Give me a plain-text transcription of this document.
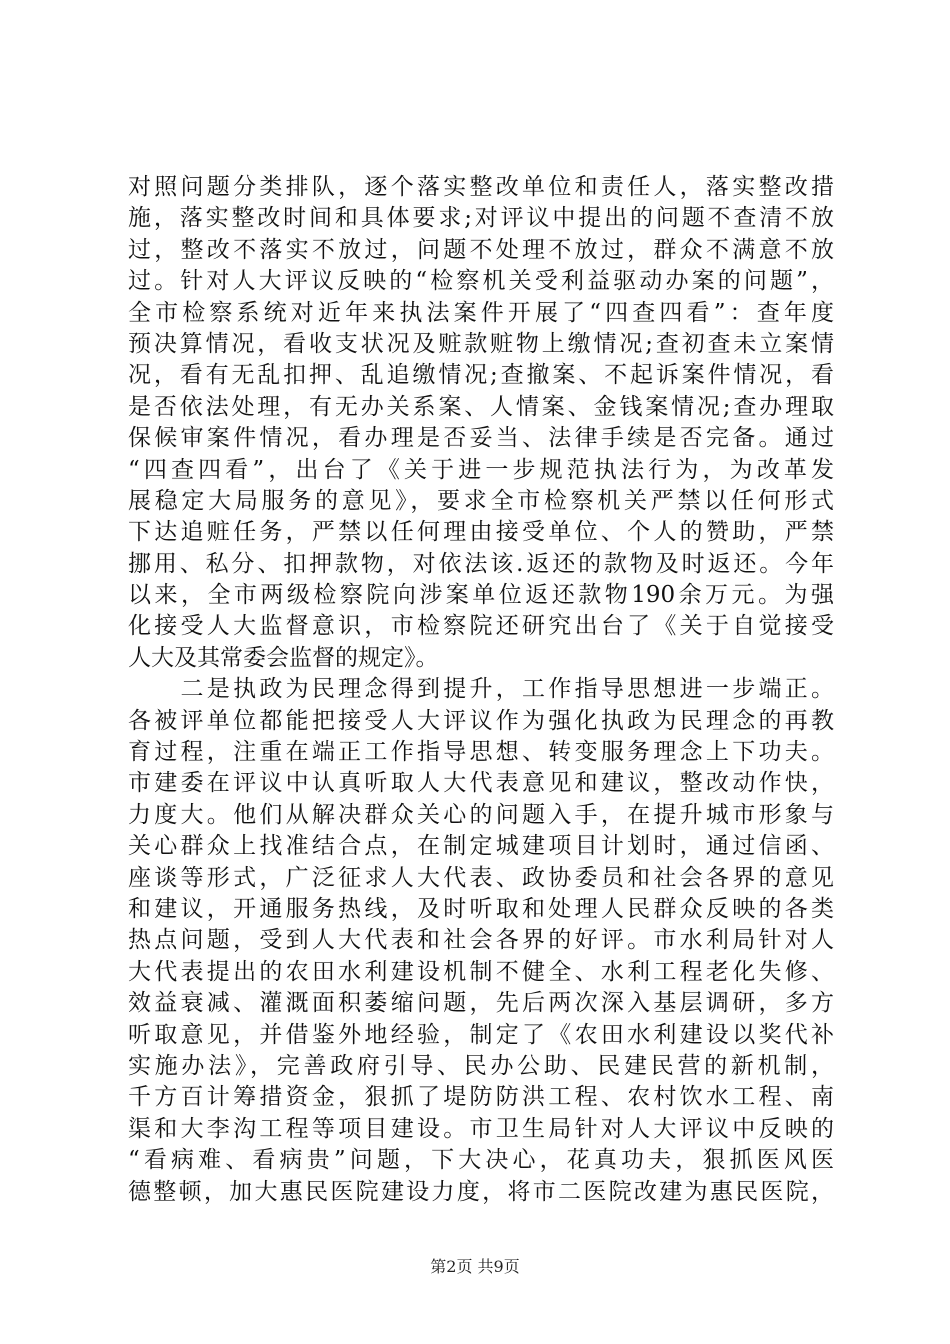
对照问题分类排队，逐个落实整改单位和责任人，落实整改措
施，落实整改时间和具体要求;对评议中提出的问题不查清不放
过，整改不落实不放过，问题不处理不放过，群众不满意不放
过。针对人大评议反映的“检察机关受利益驱动办案的问题”，
全市检察系统对近年来执法案件开展了“四查四看”：查年度
预决算情况，看收支状况及赃款赃物上缴情况;查初查未立案情
况，看有无乱扣押、乱追缴情况;查撤案、不起诉案件情况，看
是否依法处理，有无办关系案、人情案、金钱案情况;查办理取
保候审案件情况，看办理是否妥当、法律手续是否完备。通过
“四查四看”，出台了《关于进一步规范执法行为，为改革发
展稳定大局服务的意见》，要求全市检察机关严禁以任何形式
下达追赃任务，严禁以任何理由接受单位、个人的赞助，严禁
挪用、私分、扣押款物，对依法该.返还的款物及时返还。今年
以来，全市两级检察院向涉案单位返还款物190余万元。为强
化接受人大监督意识，市检察院还研究出台了《关于自觉接受
人大及其常委会监督的规定》。
　　二是执政为民理念得到提升，工作指导思想进一步端正。
各被评单位都能把接受人大评议作为强化执政为民理念的再教
育过程，注重在端正工作指导思想、转变服务理念上下功夫。
市建委在评议中认真听取人大代表意见和建议，整改动作快，
力度大。他们从解决群众关心的问题入手，在提升城市形象与
关心群众上找准结合点，在制定城建项目计划时，通过信函、
座谈等形式，广泛征求人大代表、政协委员和社会各界的意见
和建议，开通服务热线，及时听取和处理人民群众反映的各类
热点问题，受到人大代表和社会各界的好评。市水利局针对人
大代表提出的农田水利建设机制不健全、水利工程老化失修、
效益衰减、灌溉面积萎缩问题，先后两次深入基层调研，多方
听取意见，并借鉴外地经验，制定了《农田水利建设以奖代补
实施办法》，完善政府引导、民办公助、民建民营的新机制，
千方百计筹措资金，狠抓了堤防防洪工程、农村饮水工程、南
渠和大李沟工程等项目建设。市卫生局针对人大评议中反映的
“看病难、看病贵”问题，下大决心，花真功夫，狠抓医风医
德整顿，加大惠民医院建设力度，将市二医院改建为惠民医院，
第2页 共9页
